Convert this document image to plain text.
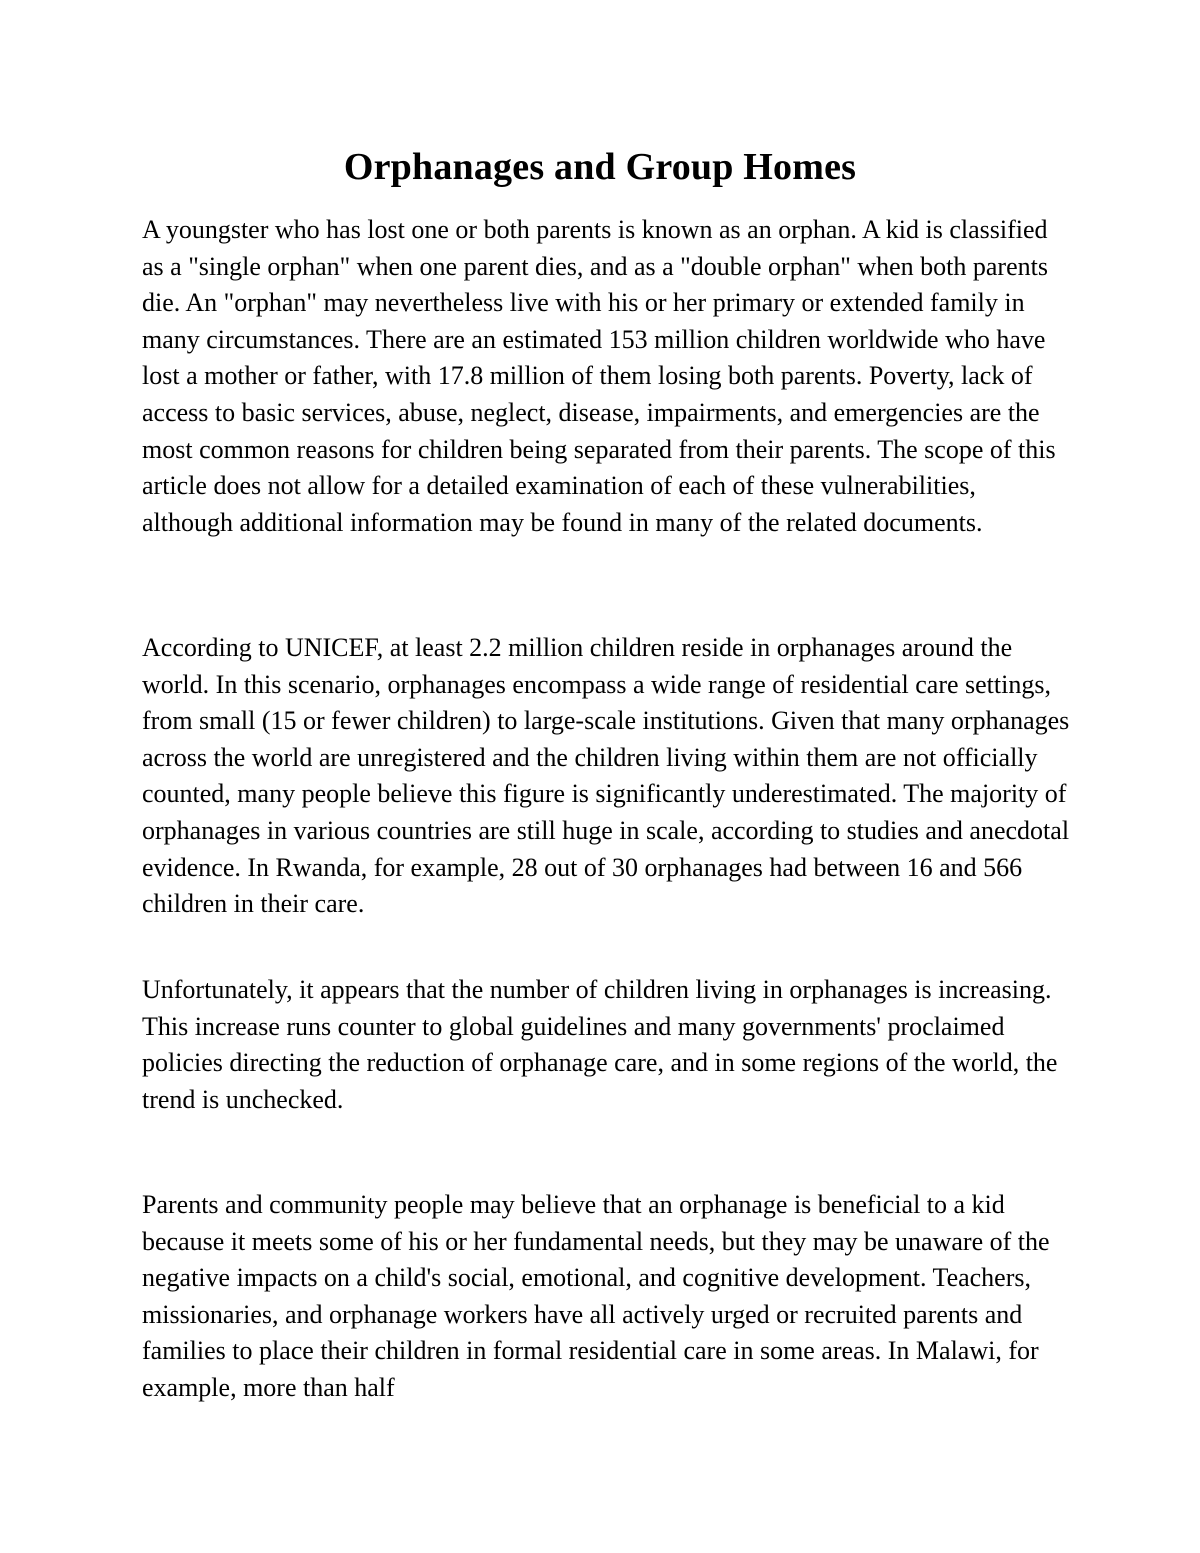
Orphanages and Group Homes

A youngster who has lost one or both parents is known as an orphan. A kid is classified as a "single orphan" when one parent dies, and as a "double orphan" when both parents die. An "orphan" may nevertheless live with his or her primary or extended family in many circumstances. There are an estimated 153 million children worldwide who have lost a mother or father, with 17.8 million of them losing both parents. Poverty, lack of access to basic services, abuse, neglect, disease, impairments, and emergencies are the most common reasons for children being separated from their parents. The scope of this article does not allow for a detailed examination of each of these vulnerabilities, although additional information may be found in many of the related documents.

According to UNICEF, at least 2.2 million children reside in orphanages around the world. In this scenario, orphanages encompass a wide range of residential care settings, from small (15 or fewer children) to large-scale institutions. Given that many orphanages across the world are unregistered and the children living within them are not officially counted, many people believe this figure is significantly underestimated. The majority of orphanages in various countries are still huge in scale, according to studies and anecdotal evidence. In Rwanda, for example, 28 out of 30 orphanages had between 16 and 566 children in their care.

Unfortunately, it appears that the number of children living in orphanages is increasing. This increase runs counter to global guidelines and many governments' proclaimed policies directing the reduction of orphanage care, and in some regions of the world, the trend is unchecked.

Parents and community people may believe that an orphanage is beneficial to a kid because it meets some of his or her fundamental needs, but they may be unaware of the negative impacts on a child's social, emotional, and cognitive development. Teachers, missionaries, and orphanage workers have all actively urged or recruited parents and families to place their children in formal residential care in some areas. In Malawi, for example, more than half
